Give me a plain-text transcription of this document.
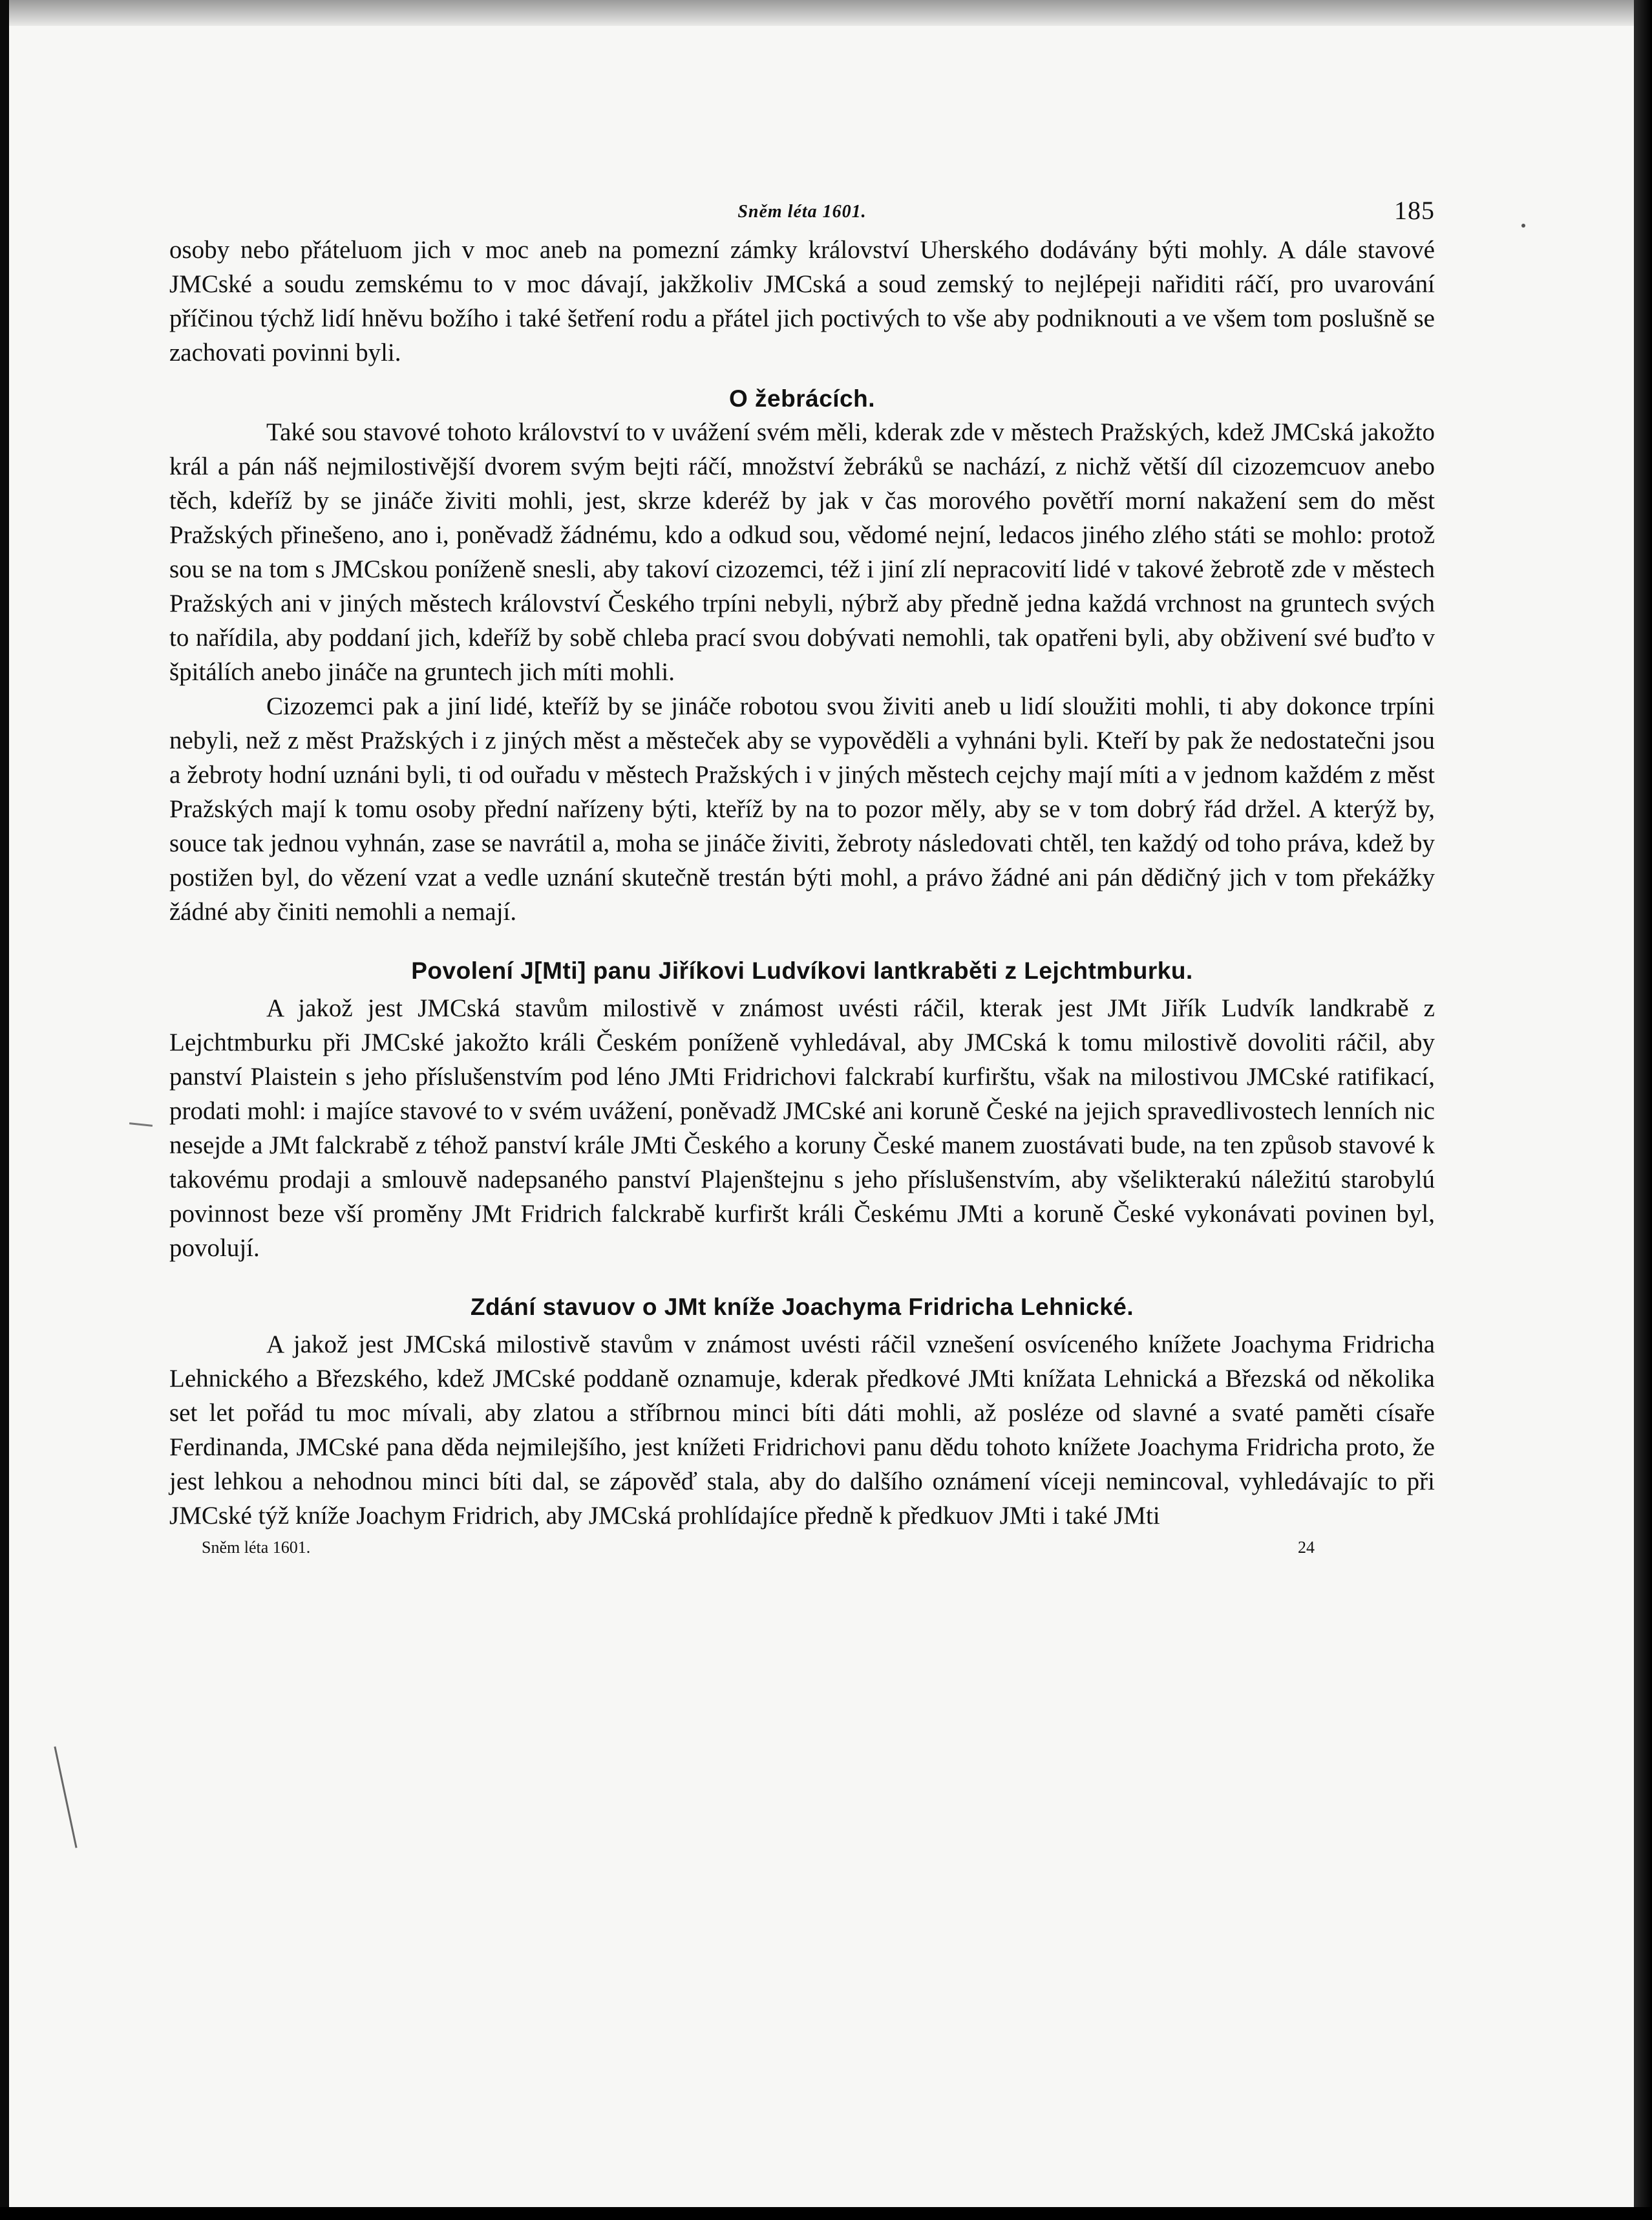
Sněm léta 1601.	185

osoby nebo přáteluom jich v moc aneb na pomezní zámky království Uherského dodávány býti mohly. A dále stavové JMCské a soudu zemskému to v moc dávají, jakžkoliv JMCská a soud zemský to nejlépeji nařiditi ráčí, pro uvarování příčinou týchž lidí hněvu božího i také šetření rodu a přátel jich poctivých to vše aby podniknouti a ve všem tom poslušně se zachovati povinni byli.

O žebrácích.

Také sou stavové tohoto království to v uvážení svém měli, kderak zde v městech Pražských, kdež JMCská jakožto král a pán náš nejmilostivější dvorem svým bejti ráčí, množství žebráků se nachází, z nichž větší díl cizozemcuov anebo těch, kdeříž by se jináče živiti mohli, jest, skrze kderéž by jak v čas morového povětří morní nakažení sem do měst Pražských přinešeno, ano i, poněvadž žádnému, kdo a odkud sou, vědomé nejní, ledacos jiného zlého státi se mohlo: protož sou se na tom s JMCskou poníženě snesli, aby takoví cizozemci, též i jiní zlí nepracovití lidé v takové žebrotě zde v městech Pražských ani v jiných městech království Českého trpíni nebyli, nýbrž aby předně jedna každá vrchnost na gruntech svých to nařídila, aby poddaní jich, kdeříž by sobě chleba prací svou dobývati nemohli, tak opatřeni byli, aby obživení své buďto v špitálích anebo jináče na gruntech jich míti mohli.

Cizozemci pak a jiní lidé, kteříž by se jináče robotou svou živiti aneb u lidí sloužiti mohli, ti aby dokonce trpíni nebyli, než z měst Pražských i z jiných měst a městeček aby se vypověděli a vyhnáni byli. Kteří by pak že nedostatečni jsou a žebroty hodní uznáni byli, ti od ouřadu v městech Pražských i v jiných městech cejchy mají míti a v jednom každém z měst Pražských mají k tomu osoby přední nařízeny býti, kteříž by na to pozor měly, aby se v tom dobrý řád držel. A kterýž by, souce tak jednou vyhnán, zase se navrátil a, moha se jináče živiti, žebroty následovati chtěl, ten každý od toho práva, kdež by postižen byl, do vězení vzat a vedle uznání skutečně trestán býti mohl, a právo žádné ani pán dědičný jich v tom překážky žádné aby činiti nemohli a nemají.

Povolení J[Mti] panu Jiříkovi Ludvíkovi lantkraběti z Lejchtmburku.

A jakož jest JMCská stavům milostivě v známost uvésti ráčil, kterak jest JMt Jiřík Ludvík landkrabě z Lejchtmburku při JMCské jakožto králi Českém poníženě vyhledával, aby JMCská k tomu milostivě dovoliti ráčil, aby panství Plaistein s jeho příslušenstvím pod léno JMti Fridrichovi falckrabí kurfirštu, však na milostivou JMCské ratifikací, prodati mohl: i majíce stavové to v svém uvážení, poněvadž JMCské ani koruně České na jejich spravedlivostech lenních nic nesejde a JMt falckrabě z téhož panství krále JMti Českého a koruny České manem zuostávati bude, na ten způsob stavové k takovému prodaji a smlouvě nadepsaného panství Plajenštejnu s jeho příslušenstvím, aby všelikterakú náležitú starobylú povinnost beze vší proměny JMt Fridrich falckrabě kurfiršt králi Českému JMti a koruně České vykonávati povinen byl, povolují.

Zdání stavuov o JMt kníže Joachyma Fridricha Lehnické.

A jakož jest JMCská milostivě stavům v známost uvésti ráčil vznešení osvíceného knížete Joachyma Fridricha Lehnického a Březského, kdež JMCské poddaně oznamuje, kderak předkové JMti knížata Lehnická a Březská od několika set let pořád tu moc mívali, aby zlatou a stříbrnou minci bíti dáti mohli, až posléze od slavné a svaté paměti císaře Ferdinanda, JMCské pana děda nejmilejšího, jest knížeti Fridrichovi panu dědu tohoto knížete Joachyma Fridricha proto, že jest lehkou a nehodnou minci bíti dal, se zápověď stala, aby do dalšího oznámení víceji nemincoval, vyhledávajíc to při JMCské týž kníže Joachym Fridrich, aby JMCská prohlídajíce předně k předkuov JMti i také JMti

Sněm léta 1601.	24
